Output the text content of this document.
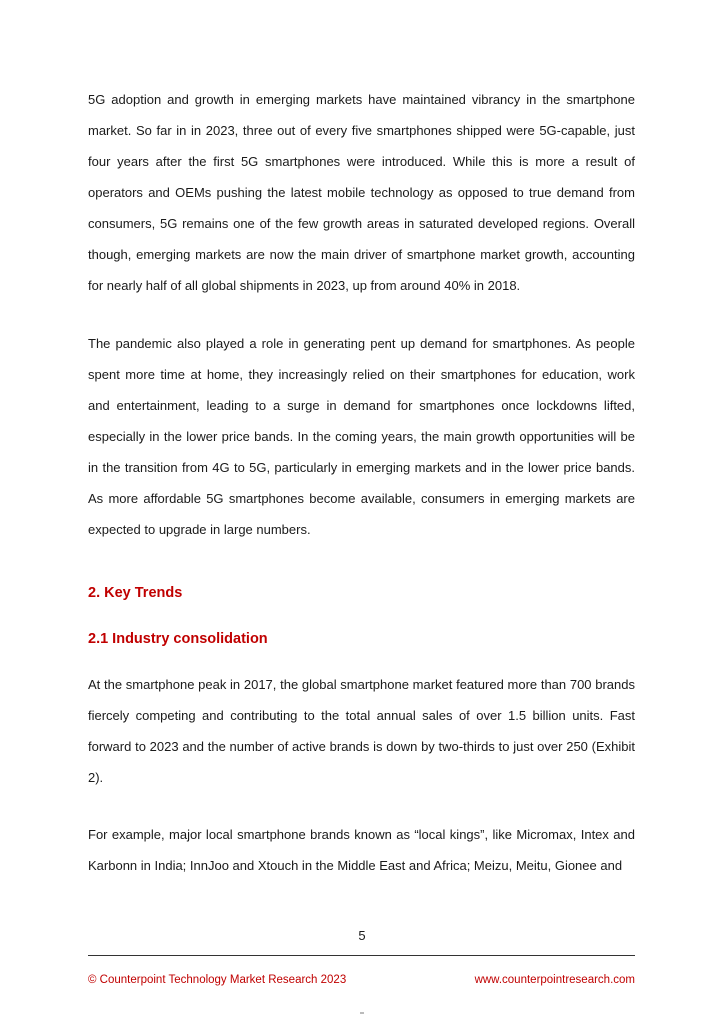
5G adoption and growth in emerging markets have maintained vibrancy in the smartphone market. So far in in 2023, three out of every five smartphones shipped were 5G-capable, just four years after the first 5G smartphones were introduced. While this is more a result of operators and OEMs pushing the latest mobile technology as opposed to true demand from consumers, 5G remains one of the few growth areas in saturated developed regions. Overall though, emerging markets are now the main driver of smartphone market growth, accounting for nearly half of all global shipments in 2023, up from around 40% in 2018.

The pandemic also played a role in generating pent up demand for smartphones. As people spent more time at home, they increasingly relied on their smartphones for education, work and entertainment, leading to a surge in demand for smartphones once lockdowns lifted, especially in the lower price bands. In the coming years, the main growth opportunities will be in the transition from 4G to 5G, particularly in emerging markets and in the lower price bands. As more affordable 5G smartphones become available, consumers in emerging markets are expected to upgrade in large numbers.

2. Key Trends
2.1 Industry consolidation

At the smartphone peak in 2017, the global smartphone market featured more than 700 brands fiercely competing and contributing to the total annual sales of over 1.5 billion units. Fast forward to 2023 and the number of active brands is down by two-thirds to just over 250 (Exhibit 2).

For example, major local smartphone brands known as “local kings”, like Micromax, Intex and Karbonn in India; InnJoo and Xtouch in the Middle East and Africa; Meizu, Meitu, Gionee and

5
© Counterpoint Technology Market Research 2023	www.counterpointresearch.com
